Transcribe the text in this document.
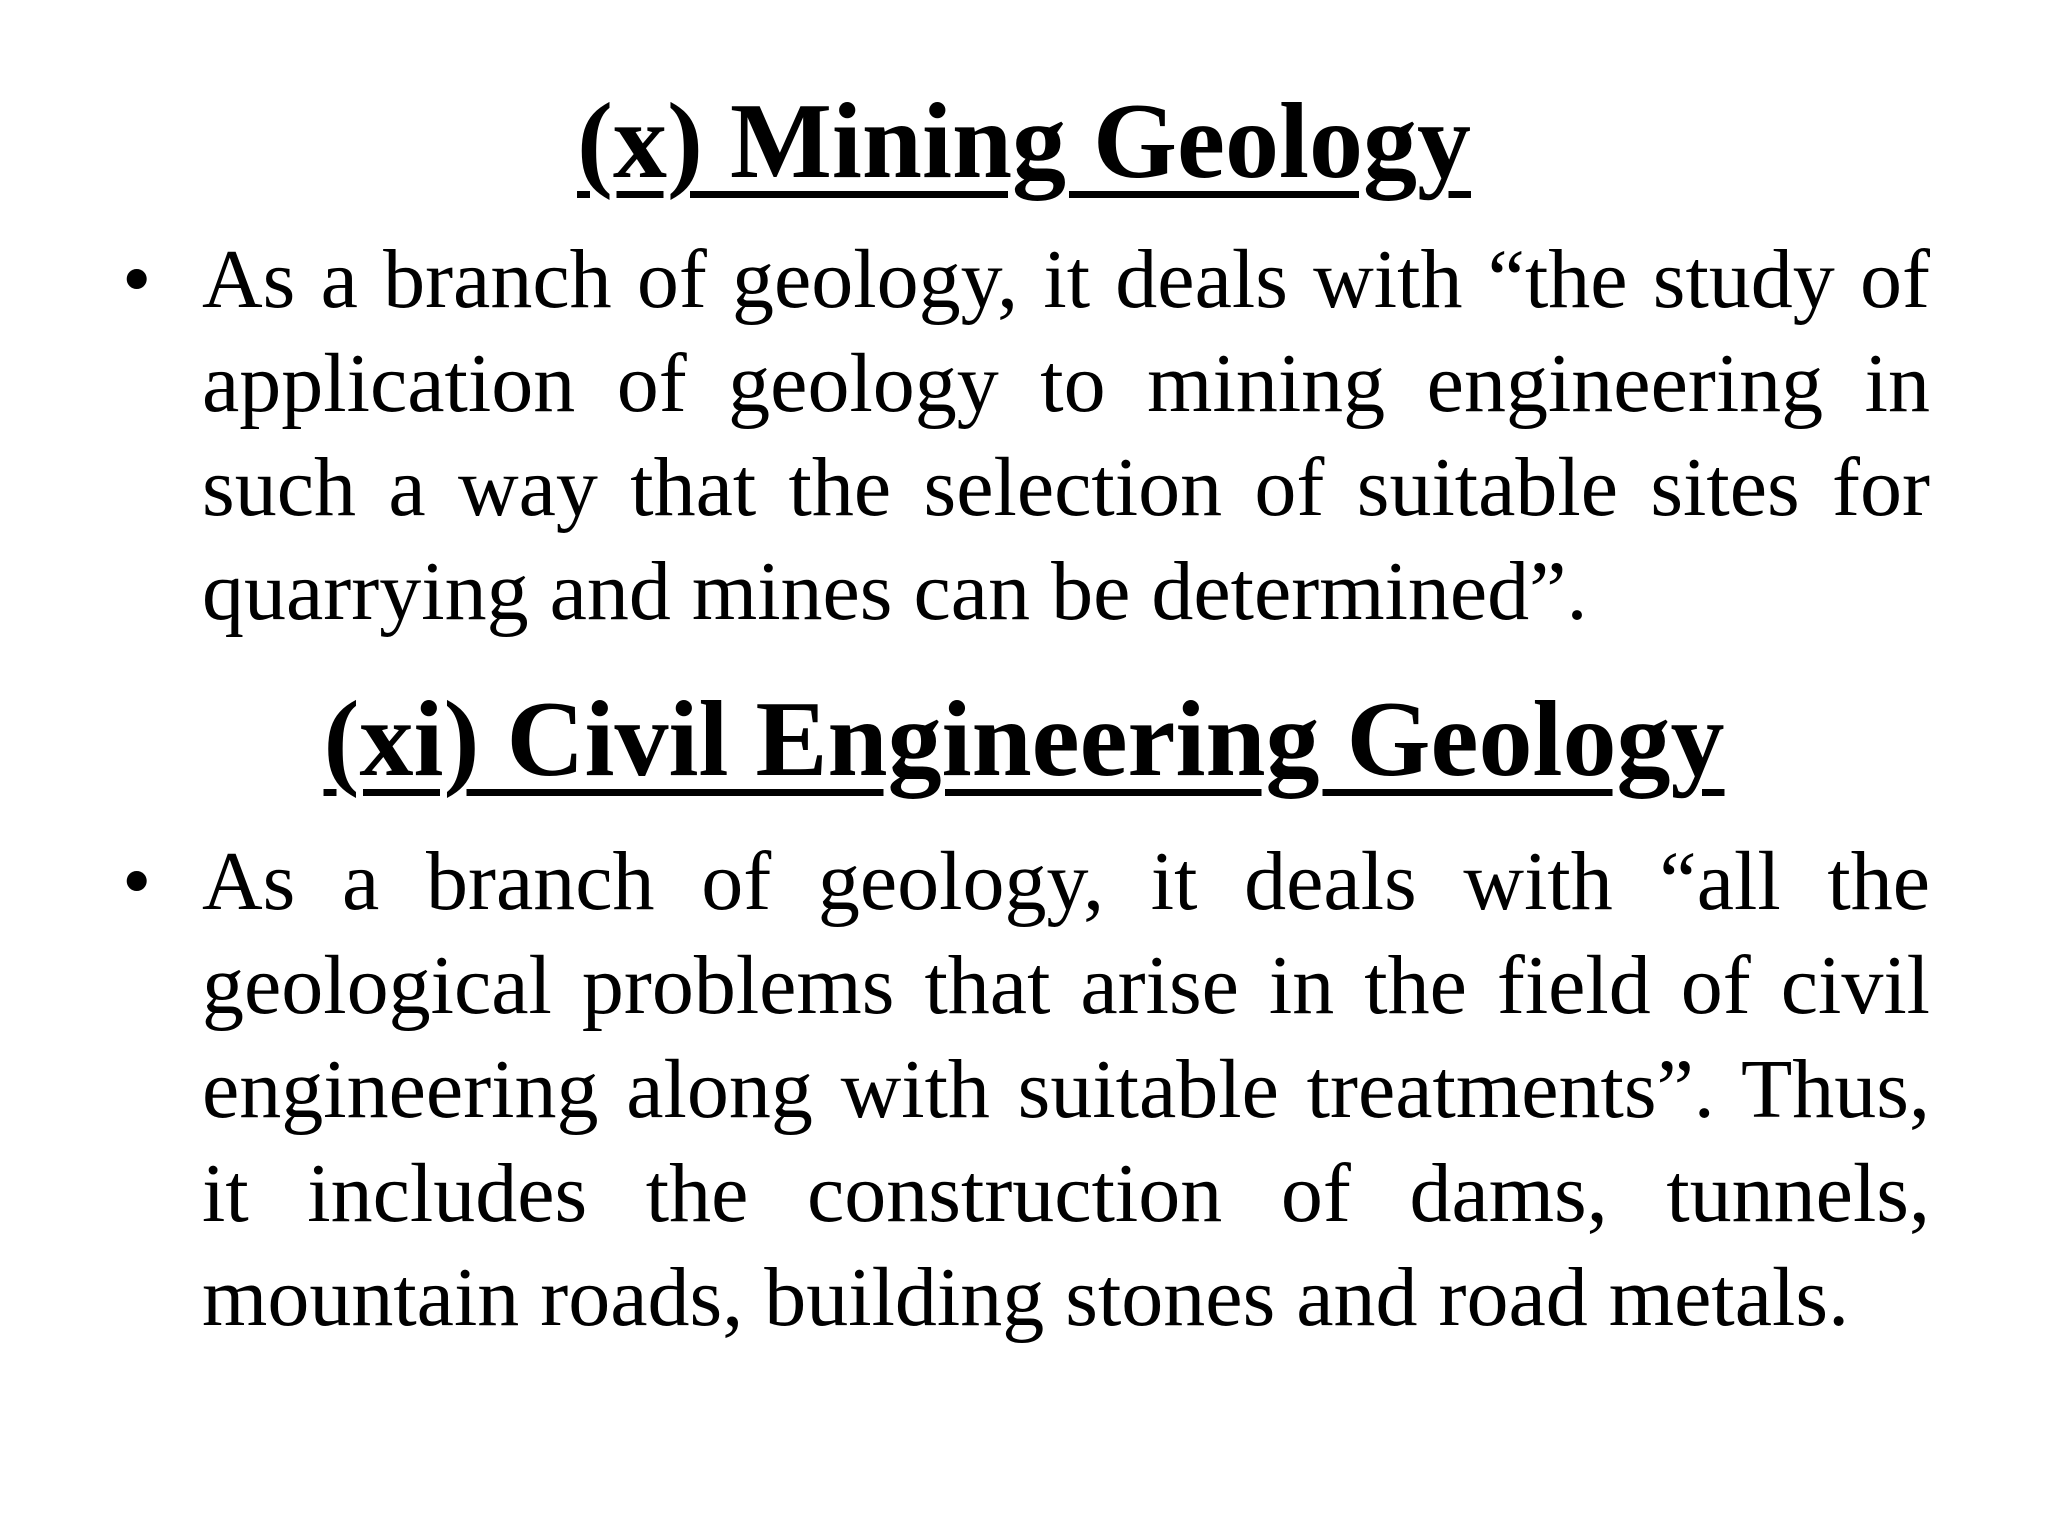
(x) Mining Geology
• As a branch of geology, it deals with “the study of application of geology to mining engineering in such a way that the selection of suitable sites for quarrying and mines can be determined”.

(xi) Civil Engineering Geology
• As a branch of geology, it deals with “all the geological problems that arise in the field of civil engineering along with suitable treatments”. Thus, it includes the construction of dams, tunnels, mountain roads, building stones and road metals.
